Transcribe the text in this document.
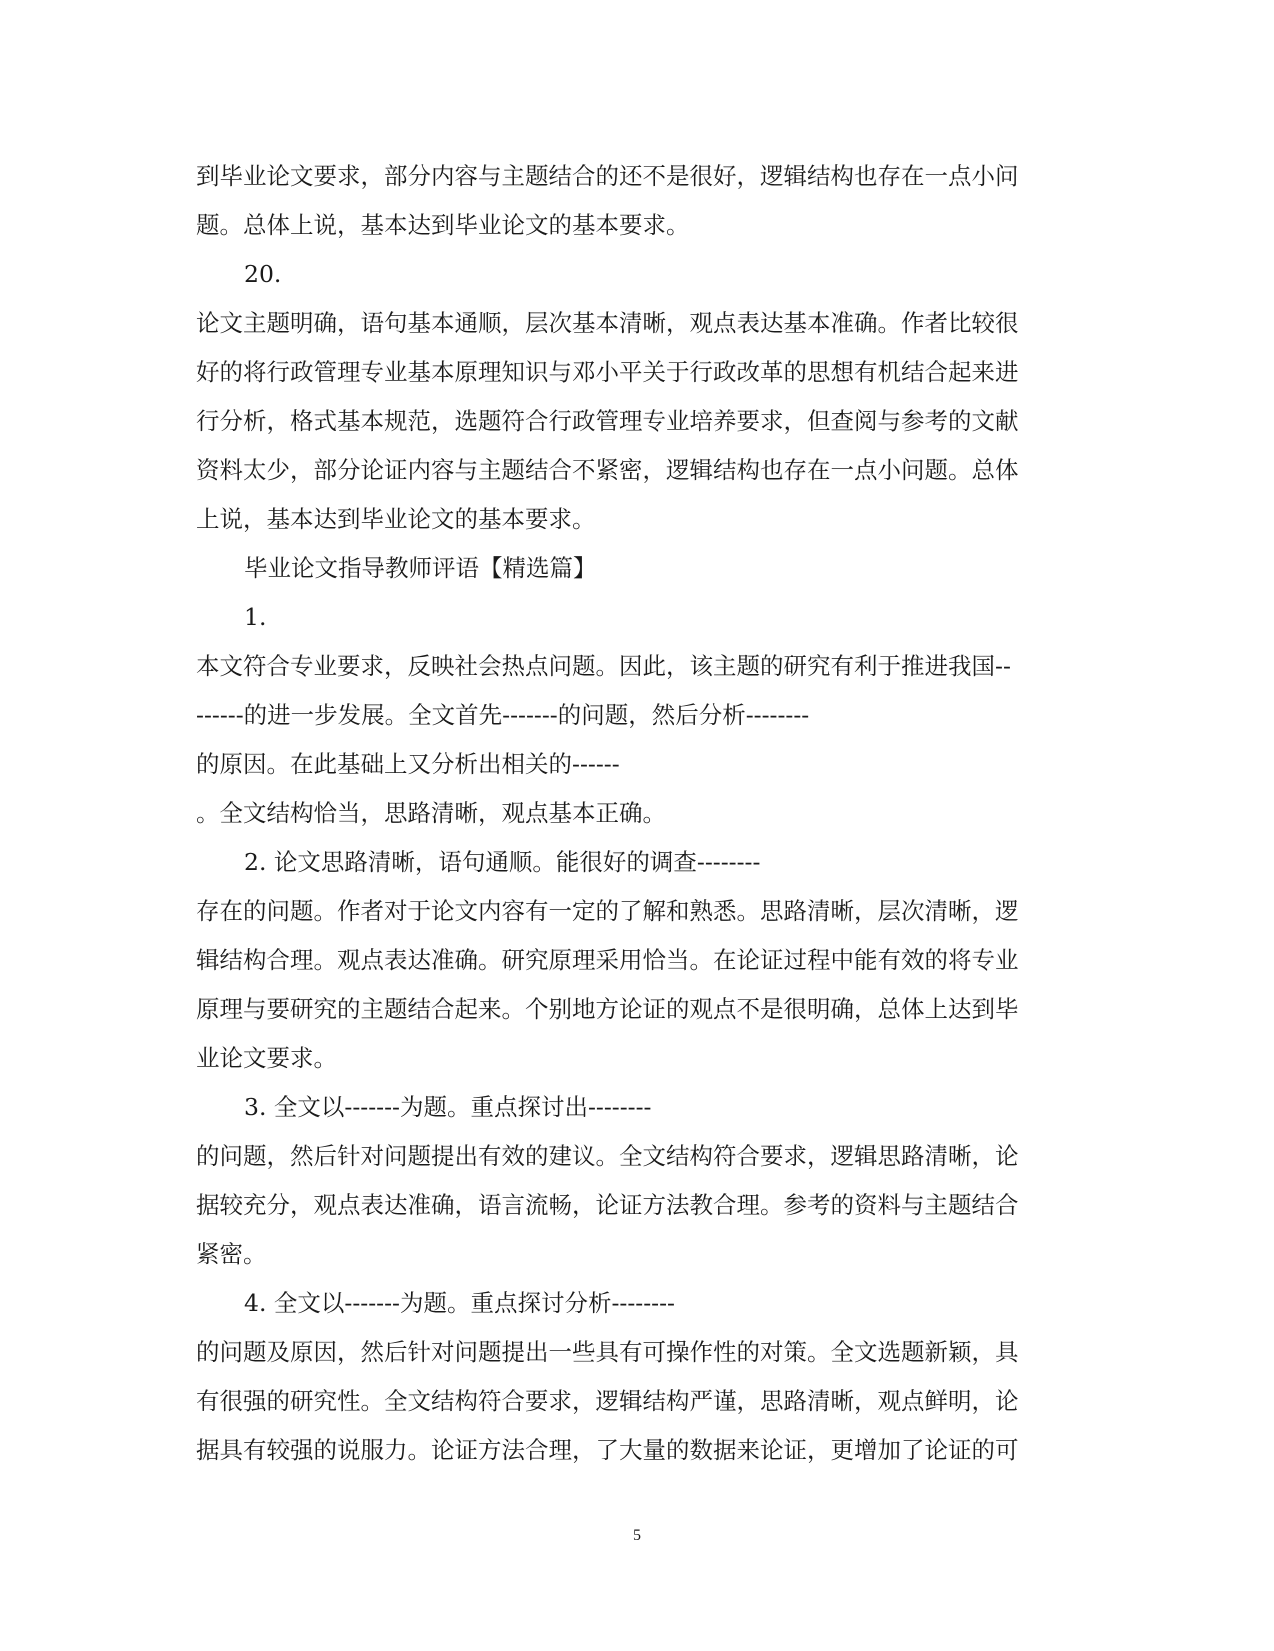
到毕业论文要求，部分内容与主题结合的还不是很好，逻辑结构也存在一点小问

题。总体上说，基本达到毕业论文的基本要求。

20.

论文主题明确，语句基本通顺，层次基本清晰，观点表达基本准确。作者比较很

好的将行政管理专业基本原理知识与邓小平关于行政改革的思想有机结合起来进

行分析，格式基本规范，选题符合行政管理专业培养要求，但查阅与参考的文献

资料太少，部分论证内容与主题结合不紧密，逻辑结构也存在一点小问题。总体

上说，基本达到毕业论文的基本要求。

毕业论文指导教师评语【精选篇】

1.

本文符合专业要求，反映社会热点问题。因此，该主题的研究有利于推进我国--

------的进一步发展。全文首先-------的问题，然后分析--------

的原因。在此基础上又分析出相关的------

。全文结构恰当，思路清晰，观点基本正确。

2. 论文思路清晰，语句通顺。能很好的调查--------

存在的问题。作者对于论文内容有一定的了解和熟悉。思路清晰，层次清晰，逻

辑结构合理。观点表达准确。研究原理采用恰当。在论证过程中能有效的将专业

原理与要研究的主题结合起来。个别地方论证的观点不是很明确，总体上达到毕

业论文要求。

3. 全文以-------为题。重点探讨出--------

的问题，然后针对问题提出有效的建议。全文结构符合要求，逻辑思路清晰，论

据较充分，观点表达准确，语言流畅，论证方法教合理。参考的资料与主题结合

紧密。

4. 全文以-------为题。重点探讨分析--------

的问题及原因，然后针对问题提出一些具有可操作性的对策。全文选题新颖，具

有很强的研究性。全文结构符合要求，逻辑结构严谨，思路清晰，观点鲜明，论

据具有较强的说服力。论证方法合理，了大量的数据来论证，更增加了论证的可

5
